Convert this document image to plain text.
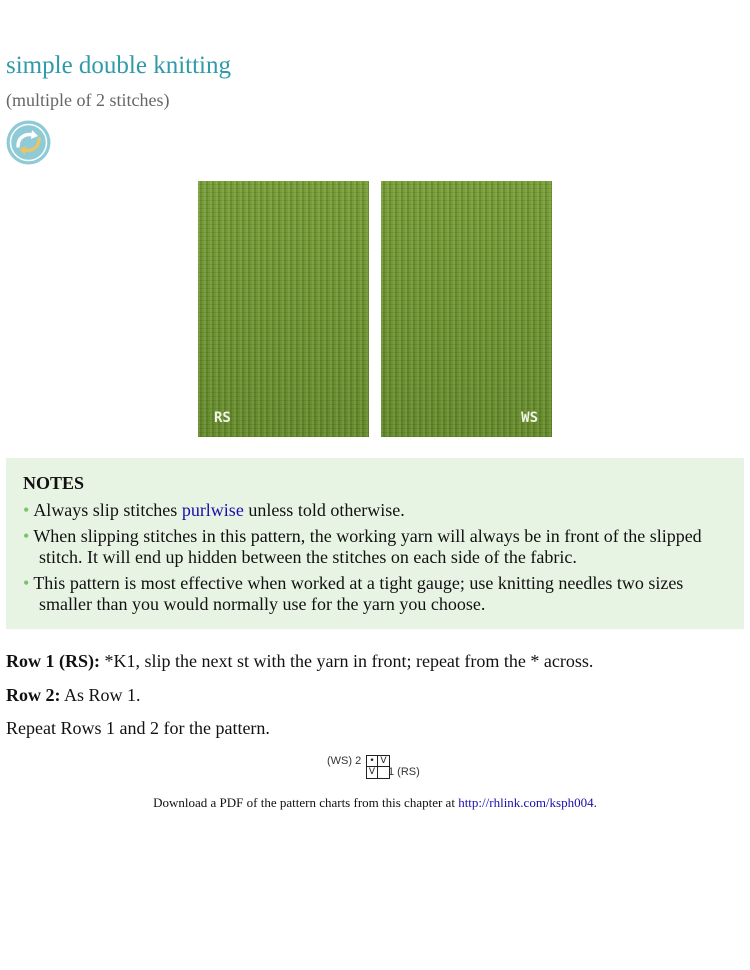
simple double knitting
(multiple of 2 stitches)
RS	WS
NOTES
• Always slip stitches purlwise unless told otherwise.
• When slipping stitches in this pattern, the working yarn will always be in front of the slipped
stitch. It will end up hidden between the stitches on each side of the fabric.
• This pattern is most effective when worked at a tight gauge; use knitting needles two sizes
smaller than you would normally use for the yarn you choose.
Row 1 (RS): *K1, slip the next st with the yarn in front; repeat from the * across.
Row 2: As Row 1.
Repeat Rows 1 and 2 for the pattern.
(WS) 2 • V
V 1 (RS)
Download a PDF of the pattern charts from this chapter at http://rhlink.com/ksph004.
